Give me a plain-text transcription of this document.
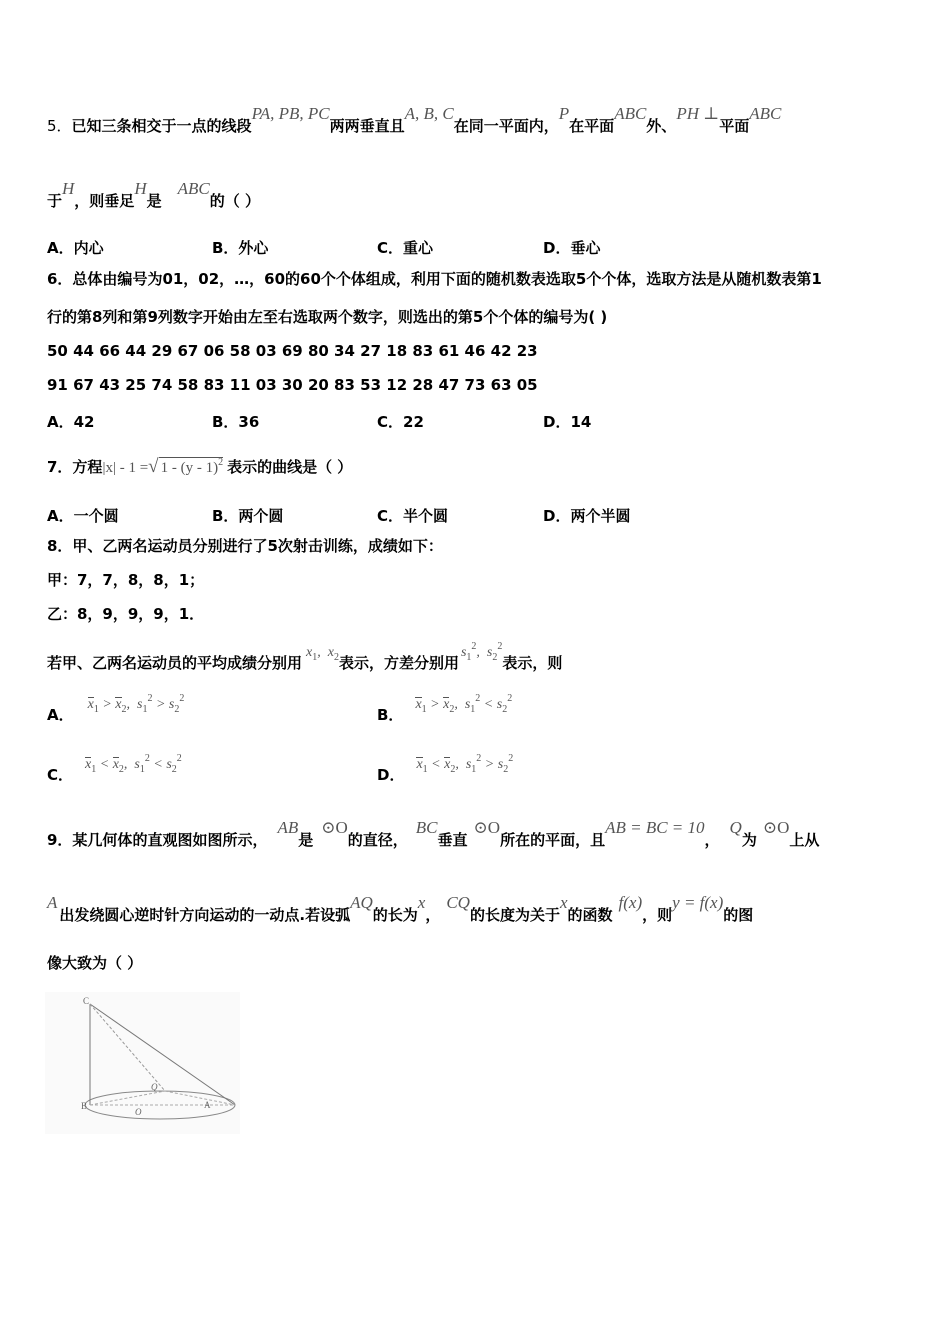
5．已知三条相交于一点的线段PA, PB, PC两两垂直且A, B, C在同一平面内，P在平面ABC外、PH ⊥平面ABC
于H，则垂足H是ABC的（ ）
A．内心	B．外心	C．重心	D．垂心
6．总体由编号为01，02，…，60的60个个体组成，利用下面的随机数表选取5个个体，选取方法是从随机数表第1
行的第8列和第9列数字开始由左至右选取两个数字，则选出的第5个个体的编号为( )
50 44 66 44 29 67 06 58 03 69 80 34 27 18 83 61 46 42 23
91 67 43 25 74 58 83 11 03 30 20 83 53 12 28 47 73 63 05
A．42	B．36	C．22	D．14
7．方程|x| - 1 =√ 1 - (y - 1)$^2$ 表示的曲线是（ ）
A．一个圆	B．两个圆	C．半个圆	D．两个半圆
8．甲、乙两名运动员分别进行了5次射击训练，成绩如下：
甲：7，7，8，8，1；
乙：8，9，9，9，1．
若甲、乙两名运动员的平均成绩分别用$x_1$,  $x_2$表示，方差分别用$s_1^2$,  $s_2^2$表示，则
A．$x_1 > x_2$,  $s_1^2 > s_2^2$
B．$x_1 > x_2$,  $s_1^2 < s_2^2$
C．$x_1 < x_2$,  $s_1^2 < s_2^2$
D．$x_1 < x_2$,  $s_1^2 > s_2^2$
9．某几何体的直观图如图所示，AB是⊙O的直径，BC垂直⊙O所在的平面，且AB = BC = 10，Q为⊙O上从
A出发绕圆心逆时针方向运动的一动点.若设弧AQ的长为x，CQ的长度为关于x的函数f(x)，则y = f(x)的图
像大致为（ ）
C
B	A
O
Q
